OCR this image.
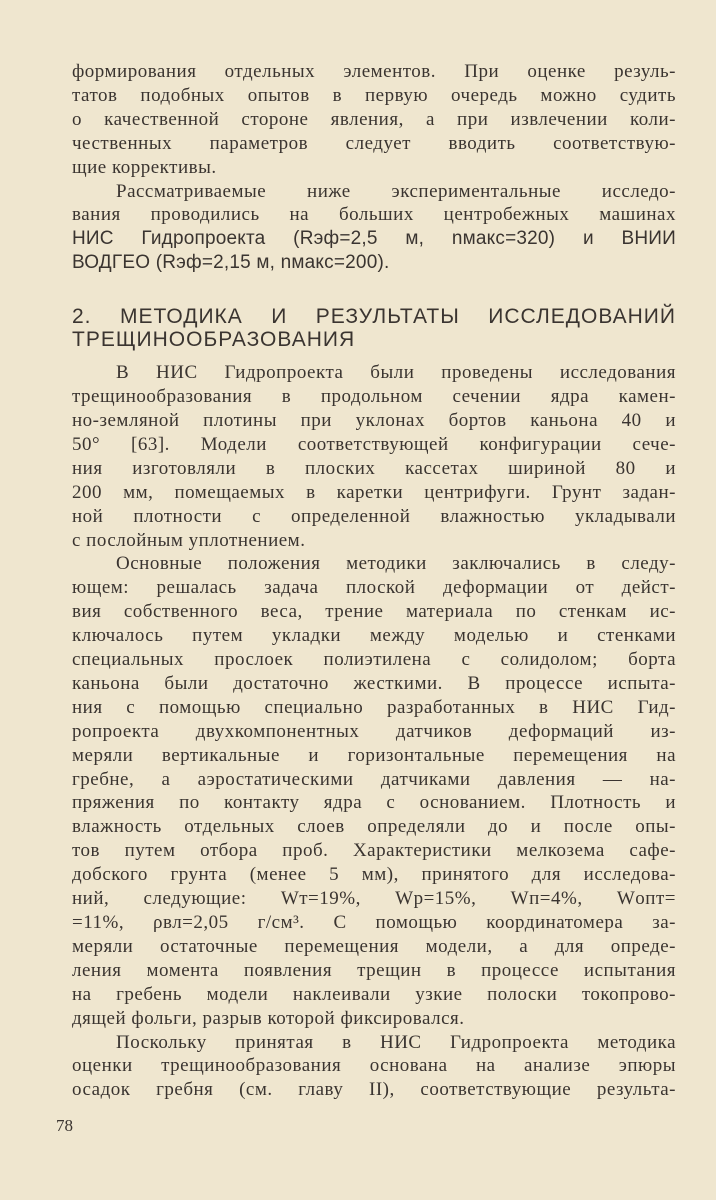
формирования отдельных элементов. При оценке резуль-
татов подобных опытов в первую очередь можно судить
о качественной стороне явления, а при извлечении коли-
чественных параметров следует вводить соответствую-
щие коррективы.

Рассматриваемые ниже экспериментальные исследо-
вания проводились на больших центробежных машинах

НИС Гидропроекта (Rэф=2,5 м, nмакс=320) и ВНИИ
ВОДГЕО (Rэф=2,15 м, nмакс=200).

2. МЕТОДИКА И РЕЗУЛЬТАТЫ ИССЛЕДОВАНИЙ
ТРЕЩИНООБРАЗОВАНИЯ

В НИС Гидропроекта были проведены исследования
трещинообразования в продольном сечении ядра камен-
но-земляной плотины при уклонах бортов каньона 40 и
50° [63]. Модели соответствующей конфигурации сече-
ния изготовляли в плоских кассетах шириной 80 и
200 мм, помещаемых в каретки центрифуги. Грунт задан-
ной плотности с определенной влажностью укладывали
с послойным уплотнением.

Основные положения методики заключались в следу-
ющем: решалась задача плоской деформации от дейст-
вия собственного веса, трение материала по стенкам ис-
ключалось путем укладки между моделью и стенками
специальных прослоек полиэтилена с солидолом; борта
каньона были достаточно жесткими. В процессе испыта-
ния с помощью специально разработанных в НИС Гид-
ропроекта двухкомпонентных датчиков деформаций из-
меряли вертикальные и горизонтальные перемещения на
гребне, а аэростатическими датчиками давления — на-
пряжения по контакту ядра с основанием. Плотность и
влажность отдельных слоев определяли до и после опы-
тов путем отбора проб. Характеристики мелкозема сафе-
добского грунта (менее 5 мм), принятого для исследова-
ний, следующие: Wт=19%, Wр=15%, Wп=4%, Wопт=
=11%, ρвл=2,05 г/см³. С помощью координатомера за-
меряли остаточные перемещения модели, а для опреде-
ления момента появления трещин в процессе испытания
на гребень модели наклеивали узкие полоски токопрово-
дящей фольги, разрыв которой фиксировался.

Поскольку принятая в НИС Гидропроекта методика
оценки трещинообразования основана на анализе эпюры
осадок гребня (см. главу II), соответствующие результа-

78
